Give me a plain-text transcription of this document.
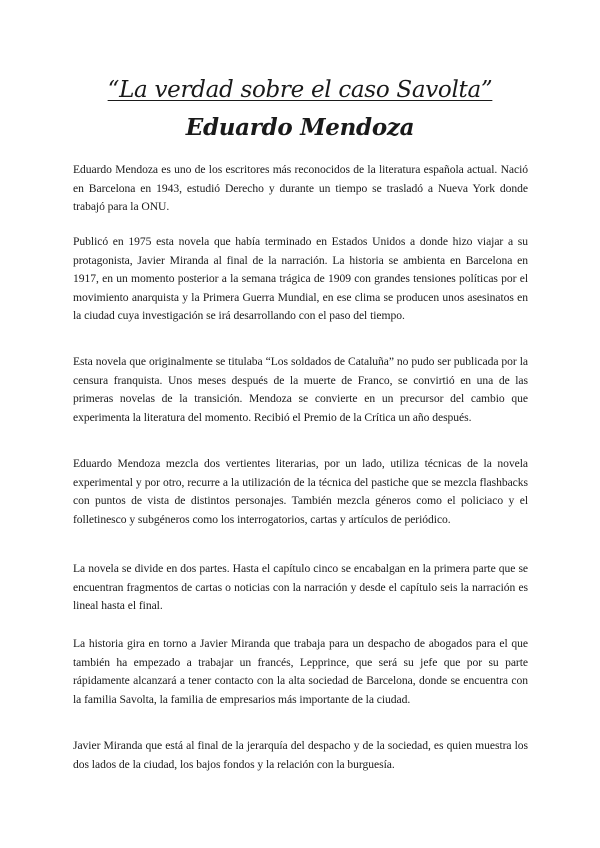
“La verdad sobre el caso Savolta”
Eduardo Mendoza

Eduardo Mendoza es uno de los escritores más reconocidos de la literatura española actual. Nació en Barcelona en 1943, estudió Derecho y durante un tiempo se trasladó a Nueva York donde trabajó para la ONU.

Publicó en 1975 esta novela que había terminado en Estados Unidos a donde hizo viajar a su protagonista, Javier Miranda al final de la narración. La historia se ambienta en Barcelona en 1917, en un momento posterior a la semana trágica de 1909 con grandes tensiones políticas por el movimiento anarquista y la Primera Guerra Mundial, en ese clima se producen unos asesinatos en la ciudad cuya investigación se irá desarrollando con el paso del tiempo.

Esta novela que originalmente se titulaba “Los soldados de Cataluña” no pudo ser publicada por la censura franquista. Unos meses después de la muerte de Franco, se convirtió en una de las primeras novelas de la transición. Mendoza se convierte en un precursor del cambio que experimenta la literatura del momento. Recibió el Premio de la Crítica un año después.

Eduardo Mendoza mezcla dos vertientes literarias, por un lado, utiliza técnicas de la novela experimental y por otro, recurre a la utilización de la técnica del pastiche que se mezcla flashbacks con puntos de vista de distintos personajes. También mezcla géneros como el policiaco y el folletinesco y subgéneros como los interrogatorios, cartas y artículos de periódico.

La novela se divide en dos partes. Hasta el capítulo cinco se encabalgan en la primera parte que se encuentran fragmentos de cartas o noticias con la narración y desde el capítulo seis la narración es lineal hasta el final.

La historia gira en torno a Javier Miranda que trabaja para un despacho de abogados para el que también ha empezado a trabajar un francés, Lepprince, que será su jefe que por su parte rápidamente alcanzará a tener contacto con la alta sociedad de Barcelona, donde se encuentra con la familia Savolta, la familia de empresarios más importante de la ciudad.

Javier Miranda que está al final de la jerarquía del despacho y de la sociedad, es quien muestra los dos lados de la ciudad, los bajos fondos y la relación con la burguesía.
